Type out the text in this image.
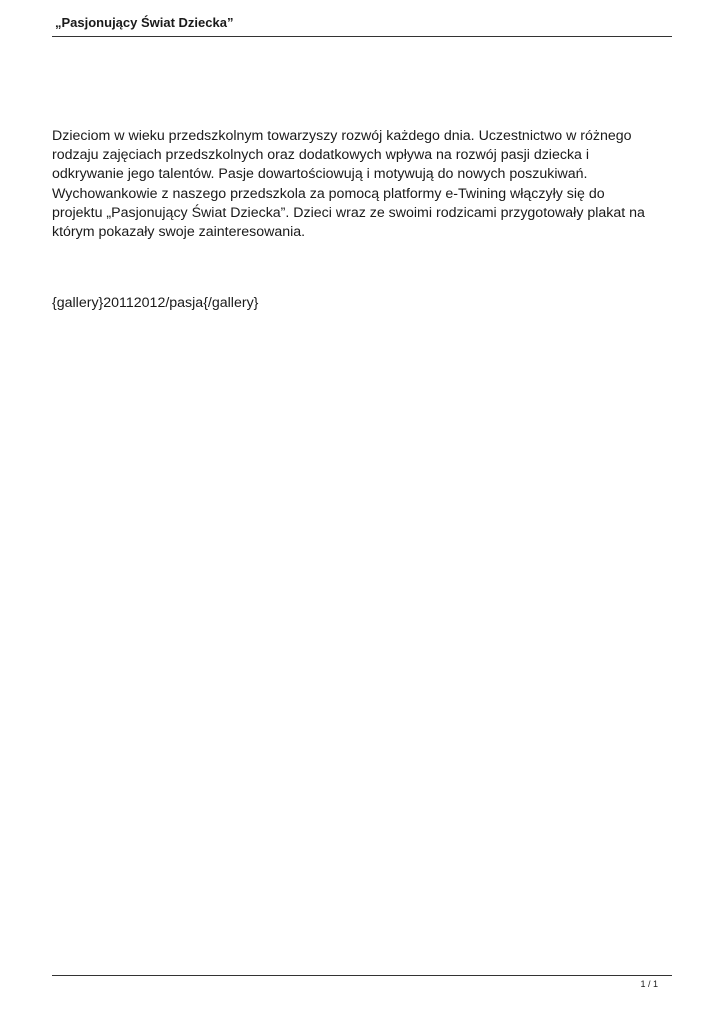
„Pasjonujący Świat Dziecka”

Dzieciom w wieku przedszkolnym towarzyszy rozwój każdego dnia. Uczestnictwo w różnego
rodzaju zajęciach przedszkolnych oraz dodatkowych wpływa na rozwój pasji dziecka i
odkrywanie jego talentów. Pasje dowartościowują i motywują do nowych poszukiwań.
Wychowankowie z naszego przedszkola za pomocą platformy e-Twining włączyły się do
projektu „Pasjonujący Świat Dziecka”. Dzieci wraz ze swoimi rodzicami przygotowały plakat na
którym pokazały swoje zainteresowania.

{gallery}20112012/pasja{/gallery}
1 / 1
